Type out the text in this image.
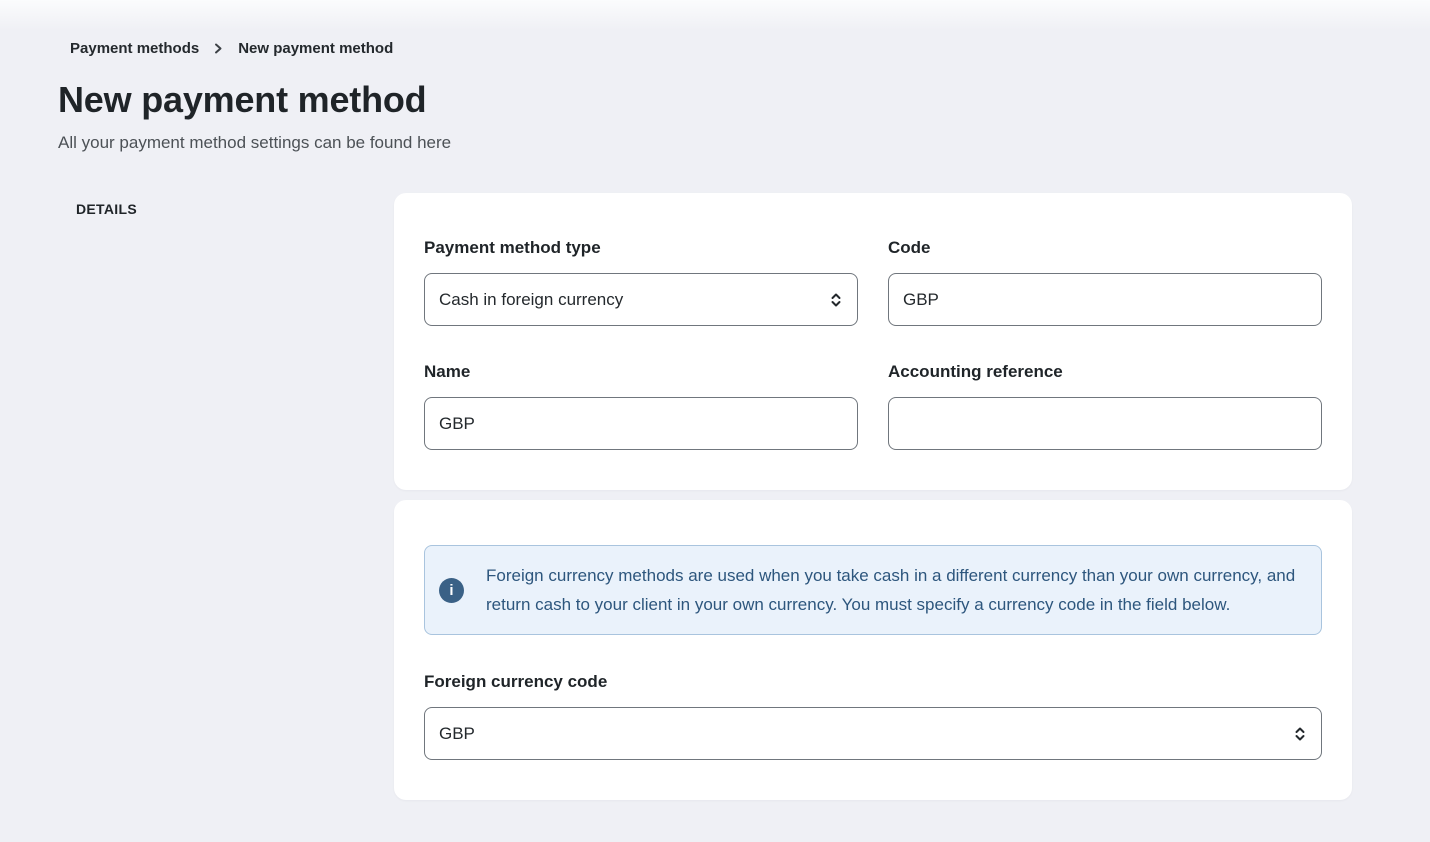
Payment methods	New payment method
New payment method

All your payment method settings can be found here

DETAILS
Payment method type
Cash in foreign currency
Code
GBP
Name
GBP	Accounting reference
i

Foreign currency methods are used when you take cash in a different currency than your own currency, and return cash to your client in your own currency. You must specify a currency code in the field below.

Foreign currency code
GBP
